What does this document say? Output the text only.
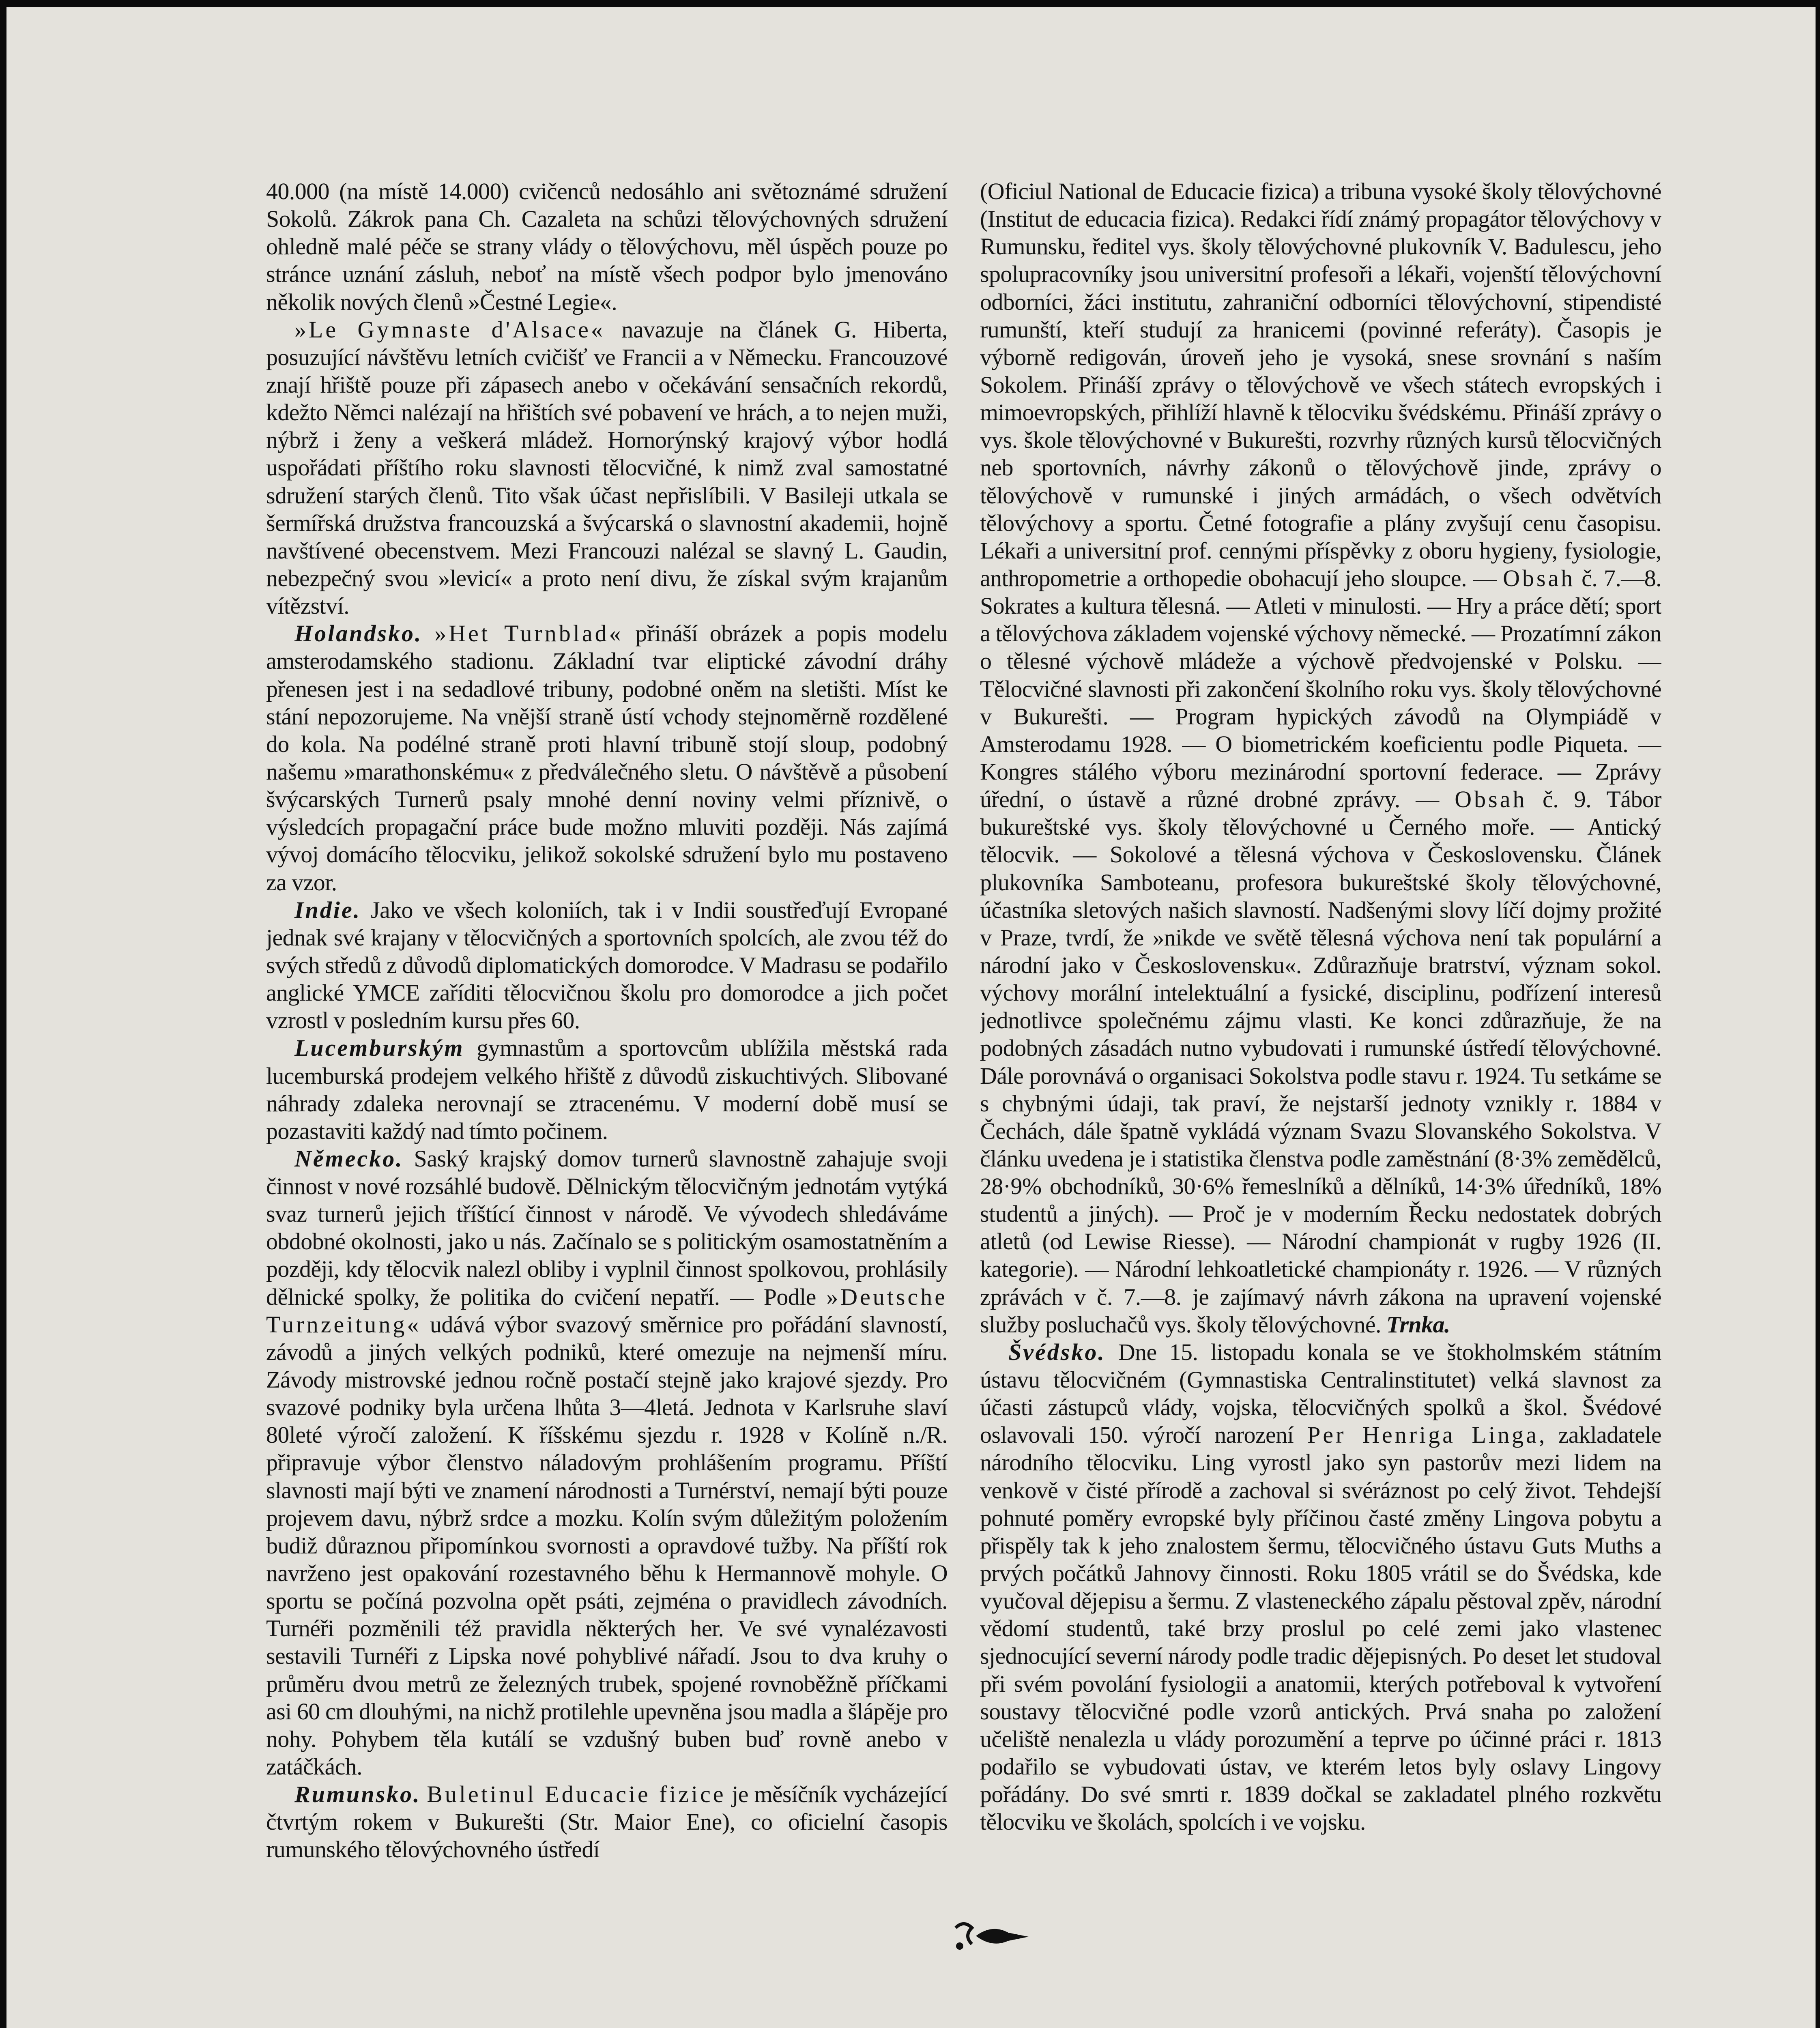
40.000 (na místě 14.000) cvičenců nedosáhlo ani světoznámé sdružení Sokolů. Zákrok pana Ch. Cazaleta na schůzi tělovýchovných sdružení ohledně malé péče se strany vlády o tělovýchovu, měl úspěch pouze po stránce uznání zásluh, neboť na místě všech podpor bylo jmenováno několik nových členů »Čestné Legie«.

»Le Gymnaste d'Alsace« navazuje na článek G. Hiberta, posuzující návštěvu letních cvičišť ve Francii a v Německu. Francouzové znají hřiště pouze při zápasech anebo v očekávání sensačních rekordů, kdežto Němci nalézají na hřištích své pobavení ve hrách, a to nejen muži, nýbrž i ženy a veškerá mládež. Hornorýnský krajový výbor hodlá uspořádati příštího roku slavnosti tělocvičné, k nimž zval samostatné sdružení starých členů. Tito však účast nepřislíbili. V Basileji utkala se šermířská družstva francouzská a švýcarská o slavnostní akademii, hojně navštívené obecenstvem. Mezi Francouzi nalézal se slavný L. Gaudin, nebezpečný svou »levicí« a proto není divu, že získal svým krajanům vítězství.

Holandsko. »Het Turnblad« přináší obrázek a popis modelu amsterodamského stadionu. Základní tvar eliptické závodní dráhy přenesen jest i na sedadlové tribuny, podobné oněm na sletišti. Míst ke stání nepozorujeme. Na vnější straně ústí vchody stejnoměrně rozdělené do kola. Na podélné straně proti hlavní tribuně stojí sloup, podobný našemu »marathonskému« z předválečného sletu. O návštěvě a působení švýcarských Turnerů psaly mnohé denní noviny velmi příznivě, o výsledcích propagační práce bude možno mluviti později. Nás zajímá vývoj domácího tělocviku, jelikož sokolské sdružení bylo mu postaveno za vzor.

Indie. Jako ve všech koloniích, tak i v Indii soustřeďují Evropané jednak své krajany v tělocvičných a sportovních spolcích, ale zvou též do svých středů z důvodů diplomatických domorodce. V Madrasu se podařilo anglické YMCE zaříditi tělocvičnou školu pro domorodce a jich počet vzrostl v posledním kursu přes 60.

Lucemburským gymnastům a sportovcům ublížila městská rada lucemburská prodejem velkého hřiště z důvodů ziskuchtivých. Slibované náhrady zdaleka nerovnají se ztracenému. V moderní době musí se pozastaviti každý nad tímto počinem.

Německo. Saský krajský domov turnerů slavnostně zahajuje svoji činnost v nové rozsáhlé budově. Dělnickým tělocvičným jednotám vytýká svaz turnerů jejich tříštící činnost v národě. Ve vývodech shledáváme obdobné okolnosti, jako u nás. Začínalo se s politickým osamostatněním a později, kdy tělocvik nalezl obliby i vyplnil činnost spolkovou, prohlásily dělnické spolky, že politika do cvičení nepatří. — Podle »Deutsche Turnzeitung« udává výbor svazový směrnice pro pořádání slavností, závodů a jiných velkých podniků, které omezuje na nejmenší míru. Závody mistrovské jednou ročně postačí stejně jako krajové sjezdy. Pro svazové podniky byla určena lhůta 3—4letá. Jednota v Karlsruhe slaví 80leté výročí založení. K říšskému sjezdu r. 1928 v Kolíně n./R. připravuje výbor členstvo náladovým prohlášením programu. Příští slavnosti mají býti ve znamení národnosti a Turnérství, nemají býti pouze projevem davu, nýbrž srdce a mozku. Kolín svým důležitým položením budiž důraznou připomínkou svornosti a opravdové tužby. Na příští rok navrženo jest opakování rozestavného běhu k Hermannově mohyle. O sportu se počíná pozvolna opět psáti, zejména o pravidlech závodních. Turnéři pozměnili též pravidla některých her. Ve své vynalézavosti sestavili Turnéři z Lipska nové pohyblivé nářadí. Jsou to dva kruhy o průměru dvou metrů ze železných trubek, spojené rovnoběžně příčkami asi 60 cm dlouhými, na nichž protilehle upevněna jsou madla a šlápěje pro nohy. Pohybem těla kutálí se vzdušný buben buď rovně anebo v zatáčkách.

Rumunsko. Buletinul Educacie fizice je měsíčník vycházející čtvrtým rokem v Bukurešti (Str. Maior Ene), co oficielní časopis rumunského tělovýchovného ústředí

(Oficiul National de Educacie fizica) a tribuna vysoké školy tělovýchovné (Institut de educacia fizica). Redakci řídí známý propagátor tělovýchovy v Rumunsku, ředitel vys. školy tělovýchovné plukovník V. Badulescu, jeho spolupracovníky jsou universitní profesoři a lékaři, vojenští tělovýchovní odborníci, žáci institutu, zahraniční odborníci tělovýchovní, stipendisté rumunští, kteří studují za hranicemi (povinné referáty). Časopis je výborně redigován, úroveň jeho je vysoká, snese srovnání s naším Sokolem. Přináší zprávy o tělovýchově ve všech státech evropských i mimoevropských, přihlíží hlavně k tělocviku švédskému. Přináší zprávy o vys. škole tělovýchovné v Bukurešti, rozvrhy různých kursů tělocvičných neb sportovních, návrhy zákonů o tělovýchově jinde, zprávy o tělovýchově v rumunské i jiných armádách, o všech odvětvích tělovýchovy a sportu. Četné fotografie a plány zvyšují cenu časopisu. Lékaři a universitní prof. cennými příspěvky z oboru hygieny, fysiologie, anthropometrie a orthopedie obohacují jeho sloupce. — Obsah č. 7.—8. Sokrates a kultura tělesná. — Atleti v minulosti. — Hry a práce dětí; sport a tělovýchova základem vojenské výchovy německé. — Prozatímní zákon o tělesné výchově mládeže a výchově předvojenské v Polsku. — Tělocvičné slavnosti při zakončení školního roku vys. školy tělovýchovné v Bukurešti. — Program hypických závodů na Olympiádě v Amsterodamu 1928. — O biometrickém koeficientu podle Piqueta. — Kongres stálého výboru mezinárodní sportovní federace. — Zprávy úřední, o ústavě a různé drobné zprávy. — Obsah č. 9. Tábor bukureštské vys. školy tělovýchovné u Černého moře. — Antický tělocvik. — Sokolové a tělesná výchova v Československu. Článek plukovníka Samboteanu, profesora bukureštské školy tělovýchovné, účastníka sletových našich slavností. Nadšenými slovy líčí dojmy prožité v Praze, tvrdí, že »nikde ve světě tělesná výchova není tak populární a národní jako v Československu«. Zdůrazňuje bratrství, význam sokol. výchovy morální intelektuální a fysické, disciplinu, podřízení interesů jednotlivce společnému zájmu vlasti. Ke konci zdůrazňuje, že na podobných zásadách nutno vybudovati i rumunské ústředí tělovýchovné. Dále porovnává o organisaci Sokolstva podle stavu r. 1924. Tu setkáme se s chybnými údaji, tak praví, že nejstarší jednoty vznikly r. 1884 v Čechách, dále špatně vykládá význam Svazu Slovanského Sokolstva. V článku uvedena je i statistika členstva podle zaměstnání (8·3% zemědělců, 28·9% obchodníků, 30·6% řemeslníků a dělníků, 14·3% úředníků, 18% studentů a jiných). — Proč je v moderním Řecku nedostatek dobrých atletů (od Lewise Riesse). — Národní championát v rugby 1926 (II. kategorie). — Národní lehkoatletické championáty r. 1926. — V různých zprávách v č. 7.—8. je zajímavý návrh zákona na upravení vojenské služby posluchačů vys. školy tělovýchovné. Trnka.

Švédsko. Dne 15. listopadu konala se ve štokholmském státním ústavu tělocvičném (Gymnastiska Centralinstitutet) velká slavnost za účasti zástupců vlády, vojska, tělocvičných spolků a škol. Švédové oslavovali 150. výročí narození Per Henriga Linga, zakladatele národního tělocviku. Ling vyrostl jako syn pastorův mezi lidem na venkově v čisté přírodě a zachoval si svéráznost po celý život. Tehdejší pohnuté poměry evropské byly příčinou časté změny Lingova pobytu a přispěly tak k jeho znalostem šermu, tělocvičného ústavu Guts Muths a prvých počátků Jahnovy činnosti. Roku 1805 vrátil se do Švédska, kde vyučoval dějepisu a šermu. Z vlasteneckého zápalu pěstoval zpěv, národní vědomí studentů, také brzy proslul po celé zemi jako vlastenec sjednocující severní národy podle tradic dějepisných. Po deset let studoval při svém povolání fysiologii a anatomii, kterých potřeboval k vytvoření soustavy tělocvičné podle vzorů antických. Prvá snaha po založení učeliště nenalezla u vlády porozumění a teprve po účinné práci r. 1813 podařilo se vybudovati ústav, ve kterém letos byly oslavy Lingovy pořádány. Do své smrti r. 1839 dočkal se zakladatel plného rozkvětu tělocviku ve školách, spolcích i ve vojsku.
